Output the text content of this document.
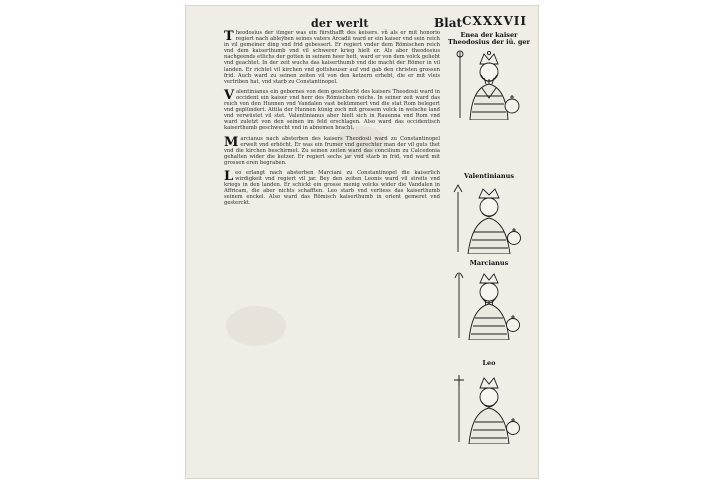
der werlt	Blat CXXXVII

T heodosius der iünger was ein fürsthafft des keisers. vñ als er mit honorio regiert nach ableÿben seines vaters Arcadii ward er ein kaiser vnd sein reich in vil gemeiner ding vnd frid gebessert. Er regiert vnder dem Römischen reich vnd dem kaiserthumb vnd vil schwerer krieg hielt er. Als aber theodosius nachgeends etlichs der gotten in seinem heer hett, ward er von dem volck geliebt vnd geachtet. In der zeit wuchs das kaiserthumb vnd die macht der Römer in vil landen. Er richtet vil kirchen vnd gottsheuser auf vnd gab den christen grossen frid. Auch ward zu seinen zeiten vil von den ketzern erhebt, die er mit vleis vertriben hat, vnd starb zu Constantinopel.

V alentinianus ein gebornes von dem geschlecht des kaisers Theodosii ward in occident ein kaiser vnd herr des Römischen reichs. In seiner zeit ward das reich von den Hunnen vnd Vandalen vast bekümmert vnd die stat Rom belegert vnd geplündert. Attila der Hunnen künig zoch mit grossem volck in welsche land vnd verwüstet vil stet. Valentinianus aber hielt sich in Rauenna vnd Rom vnd ward zuletzt von den seinen im feld erschlagen. Also ward das occidentisch kaiserthumb geschwecht vnd in abnemen bracht.

M arcianus nach absterben des kaisers Theodosii ward zu Constantinopel erwelt vnd erhöcht. Er was ein frumer vnd gerechter man der vil guts thet vnd die kirchen beschirmet. Zu seinen zeiten ward das concilium zu Calcedonia gehalten wider die ketzer. Er regiert sechs jar vnd starb in frid, vnd ward mit grossen eren begraben.

L eo erlangt nach absterben Marciani zu Constantinopel die kaiserlich wirdigkeit vnd regiert vil jar. Bey den zeiten Leonis ward vil streits vnd kriegs in den landen. Er schickt ein grosse menig volcks wider die Vandalen in Affricam, die aber nichts schafften. Leo starb vnd verliess das kaiserthumb seinem enckel. Also ward das Römisch kaiserthumb in orient gemeret vnd gesterckt.

Enea der kaiser
Theodosius der iü. ger
Valentinianus
Marcianus
Leo
